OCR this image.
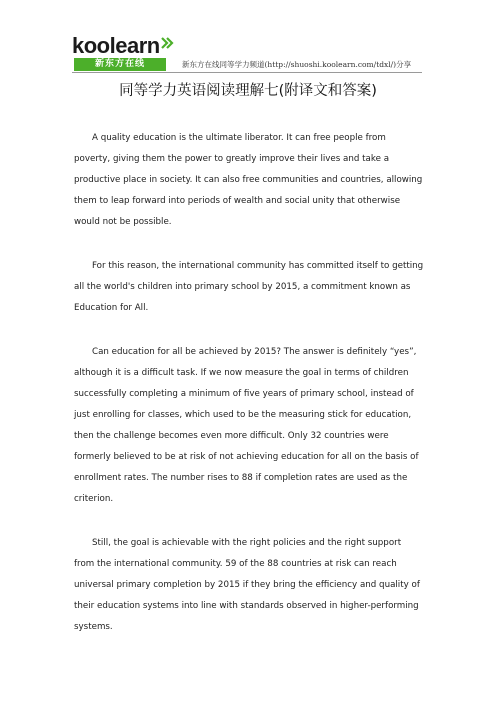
koolearn
新东方在线	新东方在线同等学力频道(http://shuoshi.koolearn.com/tdxl/)分享
同等学力英语阅读理解七(附译文和答案)

A quality education is the ultimate liberator. It can free people from poverty, giving them the power to greatly improve their lives and take a productive place in society. It can also free communities and countries, allowing them to leap forward into periods of wealth and social unity that otherwise would not be possible.

For this reason, the international community has committed itself to getting all the world's children into primary school by 2015, a commitment known as Education for All.

Can education for all be achieved by 2015? The answer is definitely “yes”, although it is a difficult task. If we now measure the goal in terms of children successfully completing a minimum of five years of primary school, instead of just enrolling for classes, which used to be the measuring stick for education, then the challenge becomes even more difficult. Only 32 countries were formerly believed to be at risk of not achieving education for all on the basis of enrollment rates. The number rises to 88 if completion rates are used as the criterion.

Still, the goal is achievable with the right policies and the right support from the international community. 59 of the 88 countries at risk can reach universal primary completion by 2015 if they bring the efficiency and quality of their education systems into line with standards observed in higher-performing systems.
